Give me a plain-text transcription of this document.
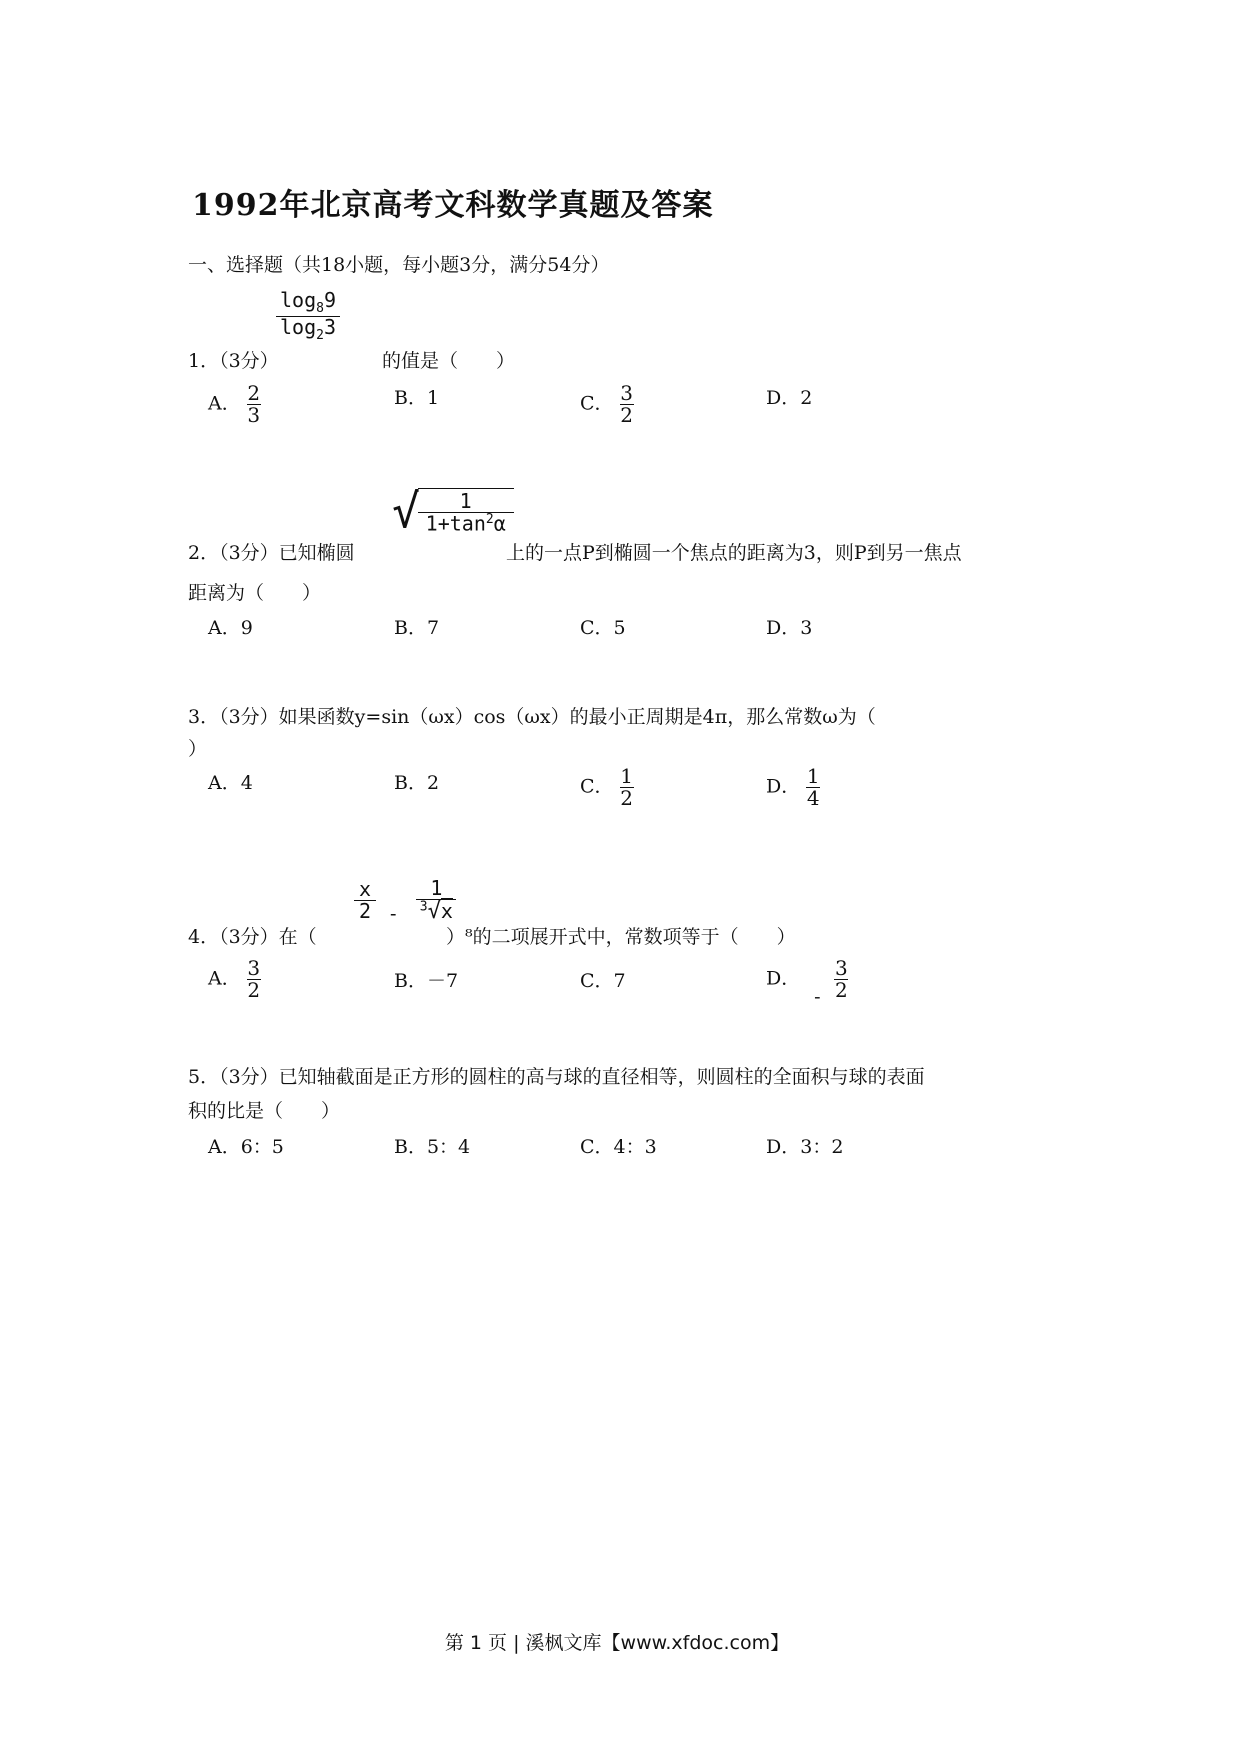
1992年北京高考文科数学真题及答案
一、选择题（共18小题，每小题3分，满分54分）
$\frac{\log_89}{\log_23}$
1．（3分）	的值是（　　）
A． $\frac{2}{3}$	B．1	C． $\frac{3}{2}$	D．2
√
$\frac{1}{1+\tan^2\alpha}$
2．（3分）已知椭圆	上的一点P到椭圆一个焦点的距离为3，则P到另一焦点
距离为（　　）
A．9	B．7	C．5	D．3
3．（3分）如果函数y=sin（ωx）cos（ωx）的最小正周期是4π，那么常数ω为（
）
A．4	B．2	C． $\frac{1}{2}$	D． $\frac{1}{4}$
$\frac{x}{2} - \frac{1}{^3√x}$
4．（3分）在（	）⁸的二项展开式中，常数项等于（　　）
A． $\frac{3}{2}$	B．－7	C．7	D． - $\frac{3}{2}$
5．（3分）已知轴截面是正方形的圆柱的高与球的直径相等，则圆柱的全面积与球的表面
积的比是（　　）
A．6：5	B．5：4	C．4：3	D．3：2
第 1 页 | 溪枫文库【www.xfdoc.com】
